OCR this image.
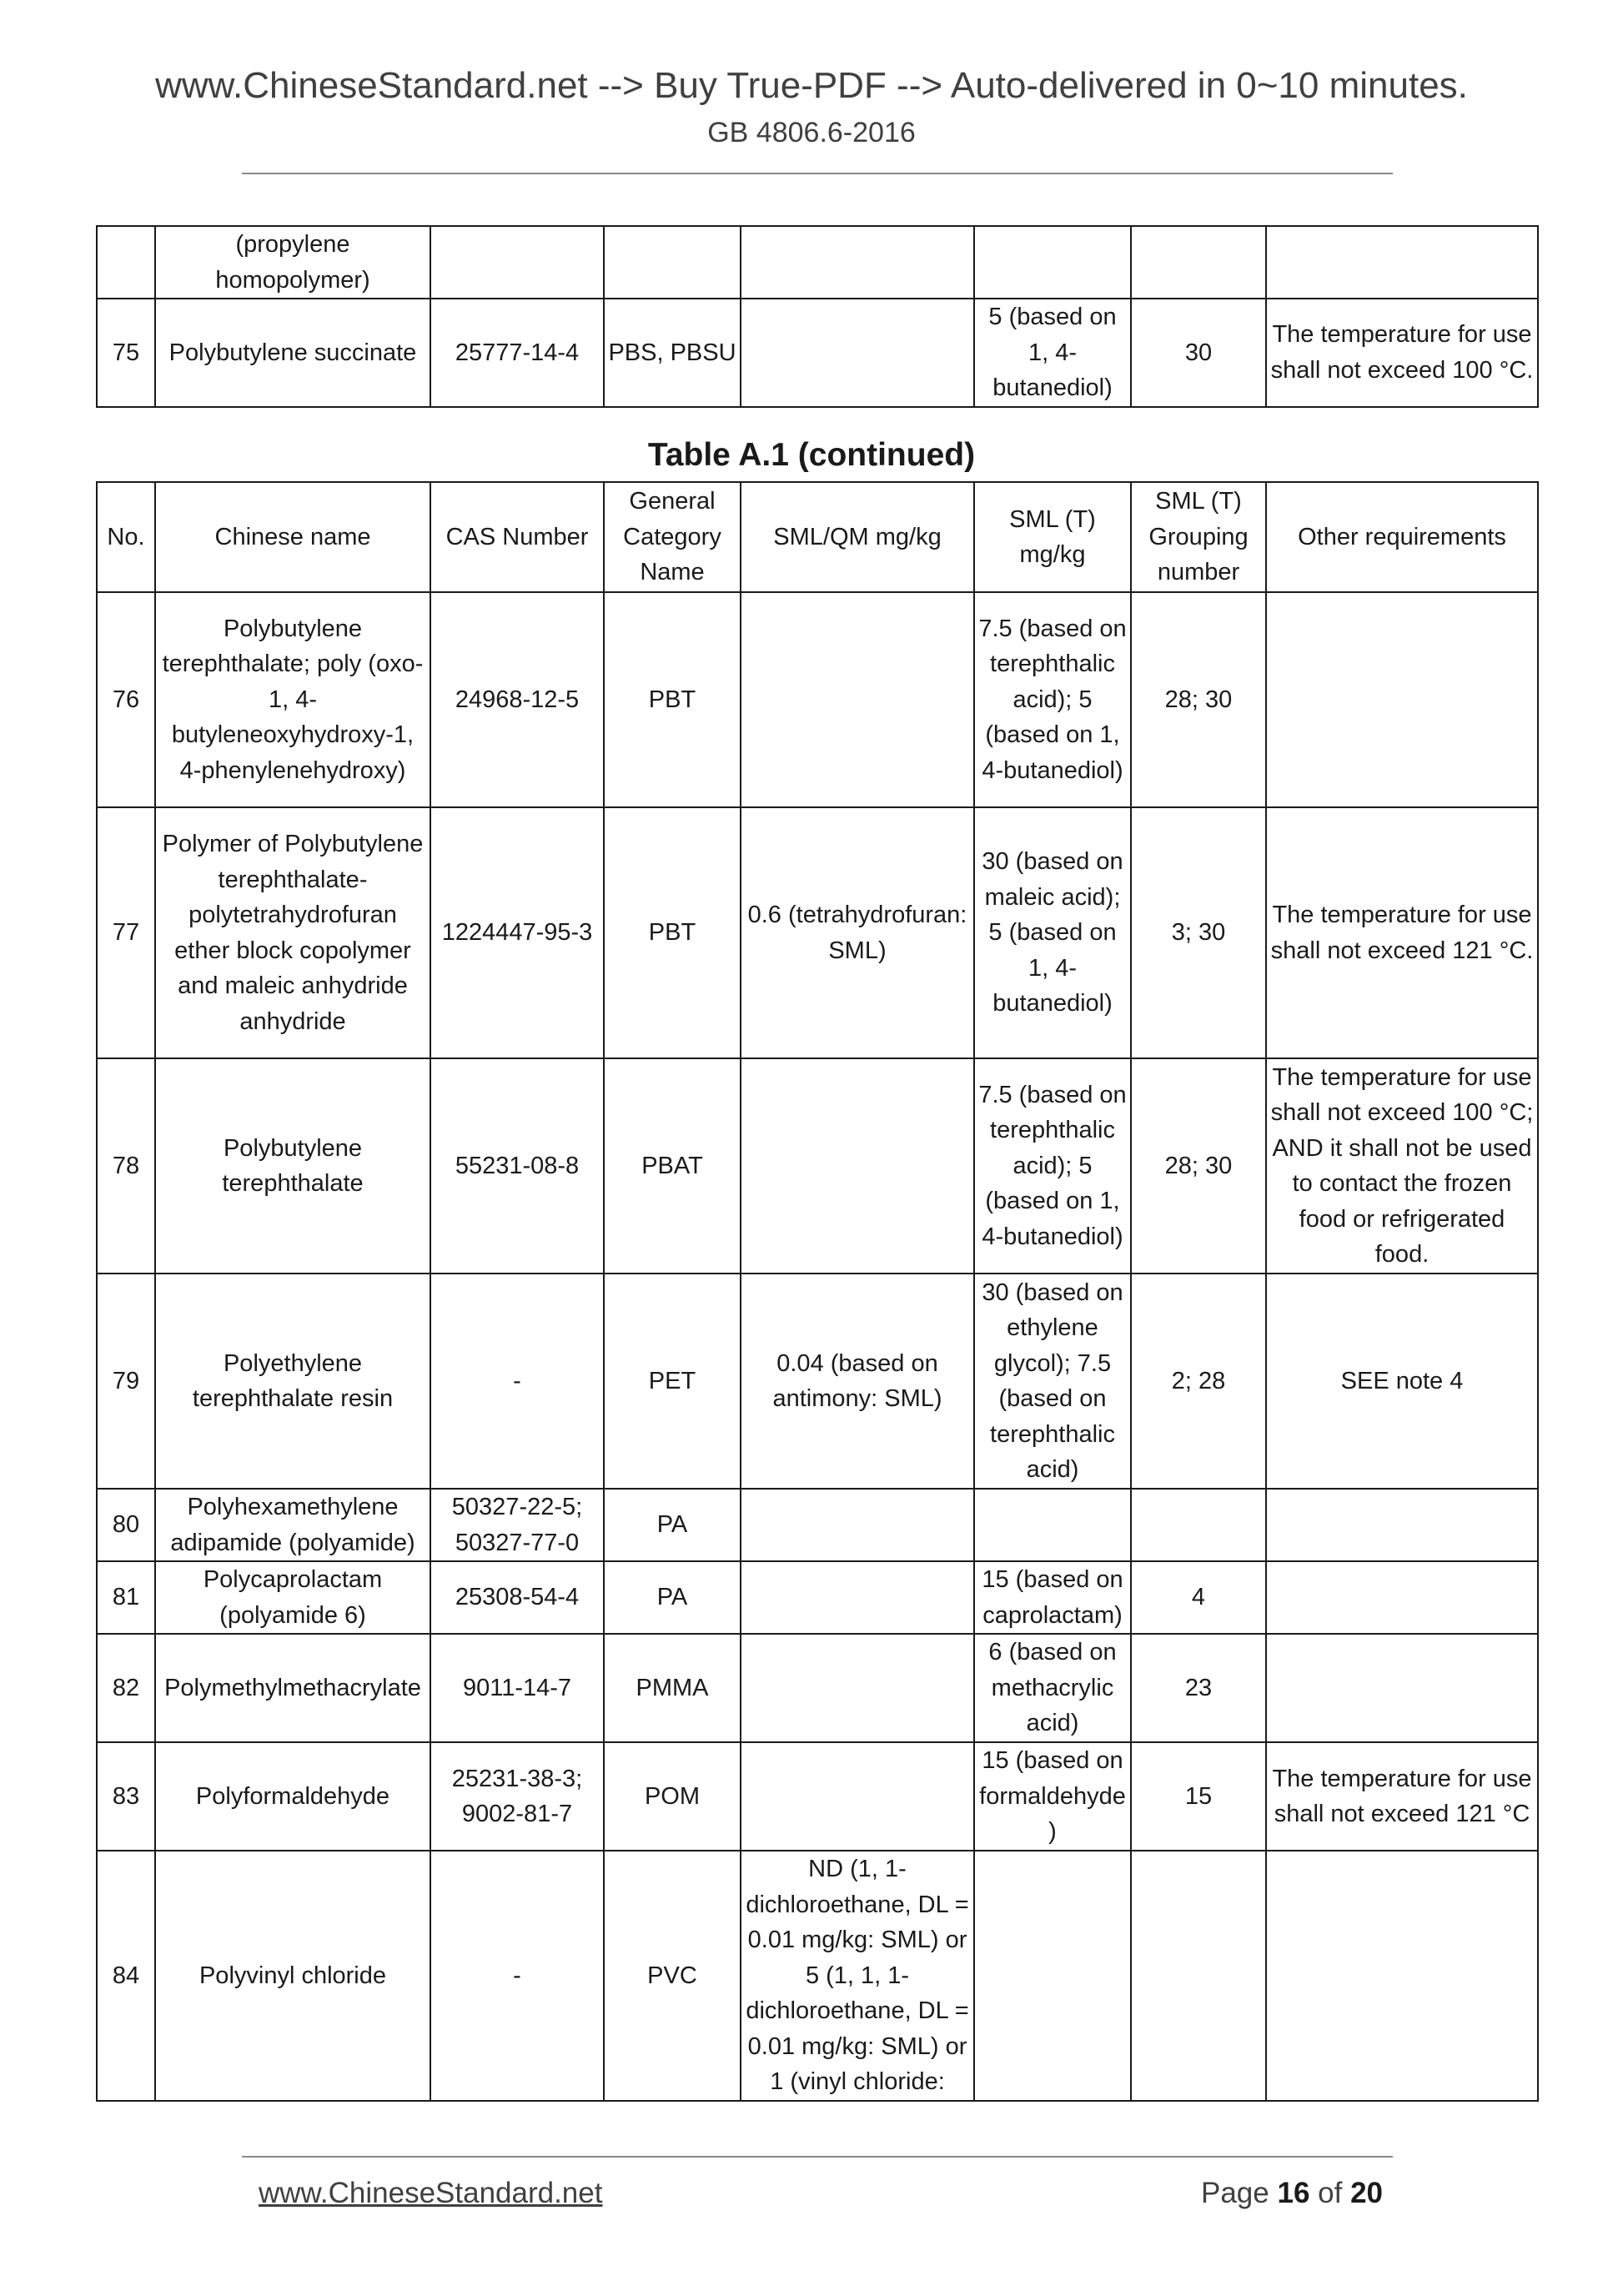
www.ChineseStandard.net --> Buy True-PDF --> Auto-delivered in 0~10 minutes.
GB 4806.6-2016
	(propylene homopolymer)						
75	Polybutylene succinate	25777-14-4	PBS, PBSU		5 (based on 1, 4-butanediol)	30	The temperature for use shall not exceed 100 °C.
Table A.1 (continued)
No.	Chinese name	CAS Number	General Category Name	SML/QM mg/kg	SML (T) mg/kg	SML (T) Grouping number	Other requirements
76	Polybutylene terephthalate; poly (oxo-1, 4-butyleneoxyhydroxy-1, 4-phenylenehydroxy)	24968-12-5	PBT		7.5 (based on terephthalic acid); 5 (based on 1, 4-butanediol)	28; 30	
77	Polymer of Polybutylene terephthalate-polytetrahydrofuran ether block copolymer and maleic anhydride anhydride	1224447-95-3	PBT	0.6 (tetrahydrofuran: SML)	30 (based on maleic acid); 5 (based on 1, 4-butanediol)	3; 30	The temperature for use shall not exceed 121 °C.
78	Polybutylene terephthalate	55231-08-8	PBAT		7.5 (based on terephthalic acid); 5 (based on 1, 4-butanediol)	28; 30	The temperature for use shall not exceed 100 °C; AND it shall not be used to contact the frozen food or refrigerated food.
79	Polyethylene terephthalate resin	-	PET	0.04 (based on antimony: SML)	30 (based on ethylene glycol); 7.5 (based on terephthalic acid)	2; 28	SEE note 4
80	Polyhexamethylene adipamide (polyamide)	50327-22-5; 50327-77-0	PA				
81	Polycaprolactam (polyamide 6)	25308-54-4	PA		15 (based on caprolactam)	4	
82	Polymethylmethacrylate	9011-14-7	PMMA		6 (based on methacrylic acid)	23	
83	Polyformaldehyde	25231-38-3; 9002-81-7	POM		15 (based on formaldehyde)	15	The temperature for use shall not exceed 121 °C
84	Polyvinyl chloride	-	PVC	ND (1, 1-dichloroethane, DL = 0.01 mg/kg: SML) or 5 (1, 1, 1-dichloroethane, DL = 0.01 mg/kg: SML) or 1 (vinyl chloride:			
www.ChineseStandard.net	Page 16 of 20
